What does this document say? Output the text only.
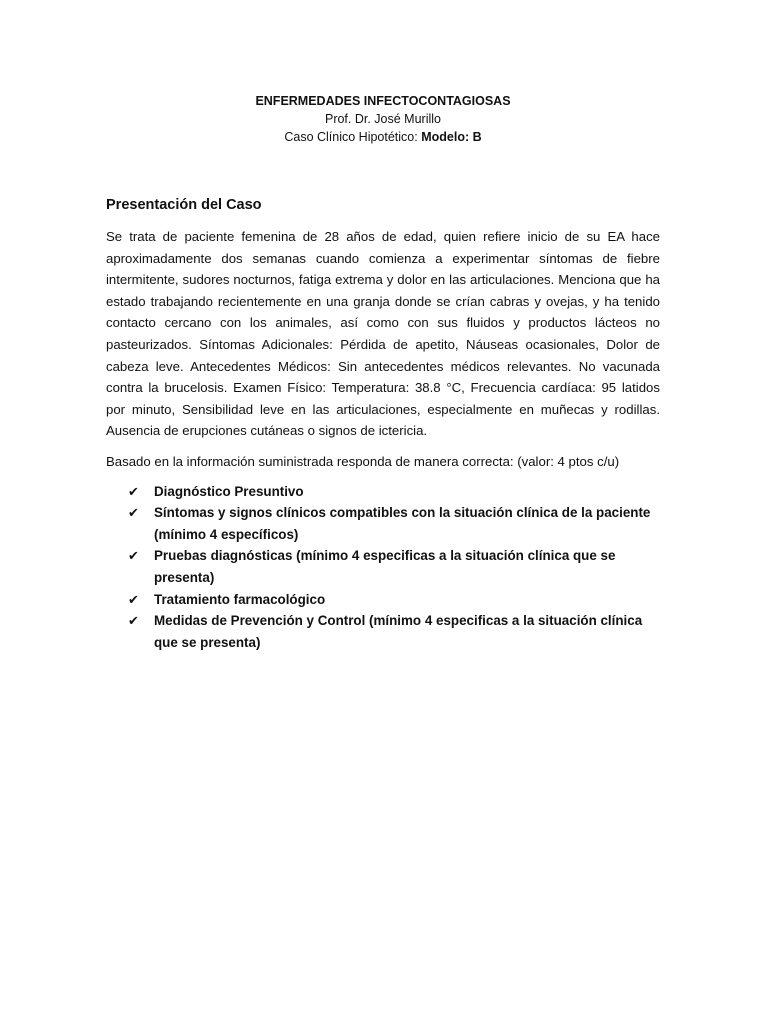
ENFERMEDADES INFECTOCONTAGIOSAS
Prof. Dr. José Murillo
Caso Clínico Hipotético: Modelo: B
Presentación del Caso
Se trata de paciente femenina de 28 años de edad, quien refiere inicio de su EA hace aproximadamente dos semanas cuando comienza a experimentar síntomas de fiebre intermitente, sudores nocturnos, fatiga extrema y dolor en las articulaciones. Menciona que ha estado trabajando recientemente en una granja donde se crían cabras y ovejas, y ha tenido contacto cercano con los animales, así como con sus fluidos y productos lácteos no pasteurizados. Síntomas Adicionales: Pérdida de apetito, Náuseas ocasionales, Dolor de cabeza leve. Antecedentes Médicos: Sin antecedentes médicos relevantes. No vacunada contra la brucelosis. Examen Físico: Temperatura: 38.8 °C, Frecuencia cardíaca: 95 latidos por minuto, Sensibilidad leve en las articulaciones, especialmente en muñecas y rodillas. Ausencia de erupciones cutáneas o signos de ictericia.
Basado en la información suministrada responda de manera correcta: (valor: 4 ptos c/u)
✔	Diagnóstico Presuntivo
✔	Síntomas y signos clínicos compatibles con la situación clínica de la paciente (mínimo 4 específicos)
✔	Pruebas diagnósticas (mínimo 4 especificas a la situación clínica que se presenta)
✔	Tratamiento farmacológico
✔	Medidas de Prevención y Control (mínimo 4 especificas a la situación clínica que se presenta)
